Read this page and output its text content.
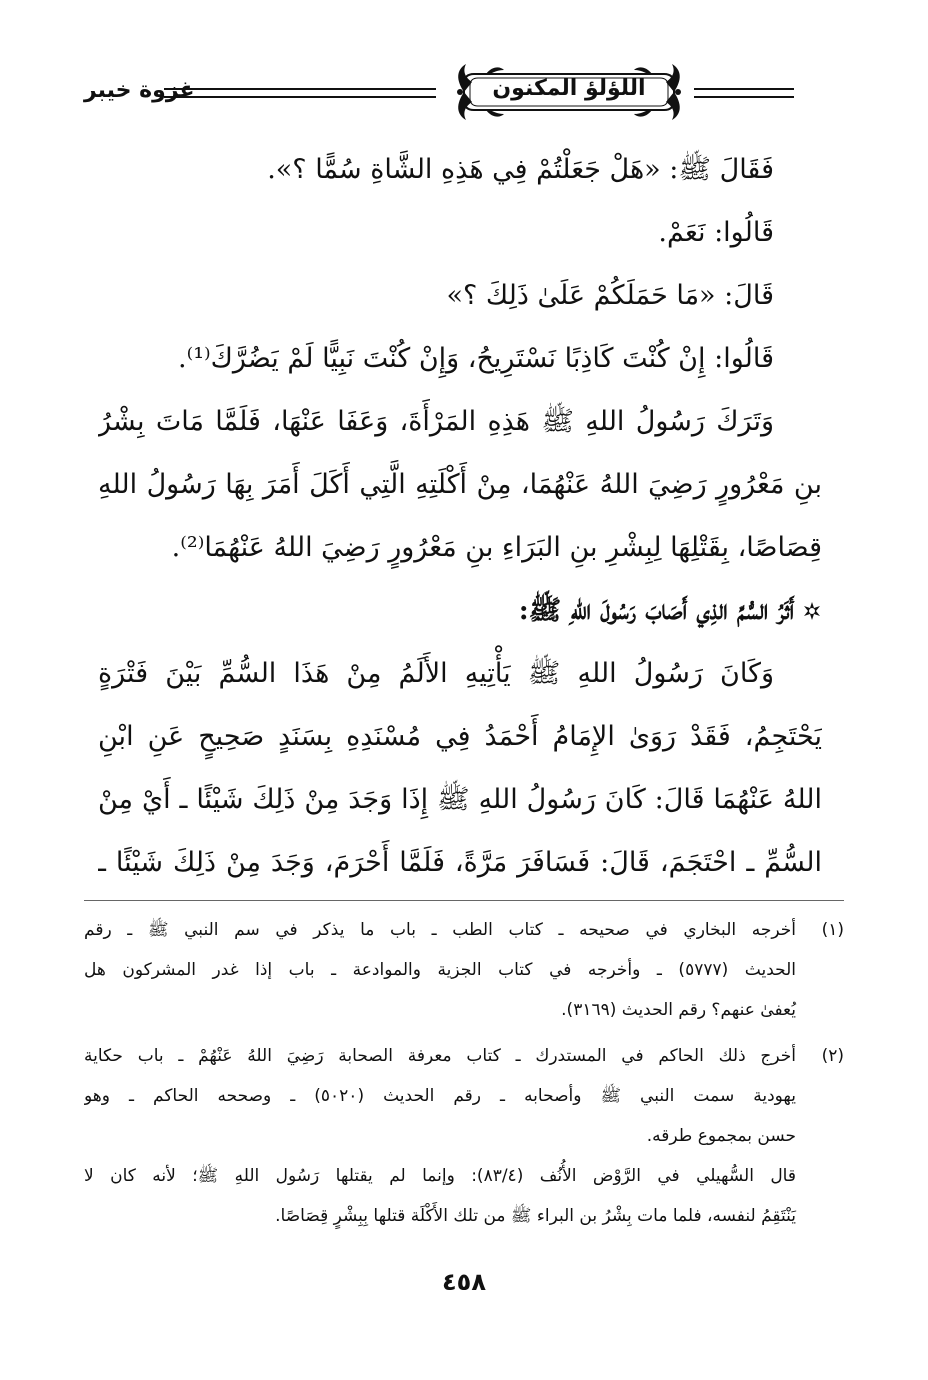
غزوة خيبر	اللؤلؤ المكنون
فَقَالَ ﷺ: «هَلْ جَعَلْتُمْ فِي هَذِهِ الشَّاةِ سُمًّا ؟».
قَالُوا: نَعَمْ.
قَالَ: «مَا حَمَلَكُمْ عَلَىٰ ذَلِكَ ؟»
قَالُوا: إِنْ كُنْتَ كَاذِبًا نَسْتَرِيحُ، وَإِنْ كُنْتَ نَبِيًّا لَمْ يَضُرَّكَ⁽¹⁾.
وَتَرَكَ رَسُولُ اللهِ ﷺ هَذِهِ المَرْأَةَ، وَعَفَا عَنْهَا، فَلَمَّا مَاتَ بِشْرُ
بنِ مَعْرُورٍ رَضِيَ اللهُ عَنْهُمَا، مِنْ أَكْلَتِهِ الَّتِي أَكَلَ أَمَرَ بِهَا رَسُولُ اللهِ
قِصَاصًا، بِقَتْلِهَا لِبِشْرِ بنِ البَرَاءِ بنِ مَعْرُورٍ رَضِيَ اللهُ عَنْهُمَا⁽²⁾.
أَثَرُ السُّمِّ الذِي أَصَابَ رَسُولَ اللهِ ﷺ:
وَكَانَ رَسُولُ اللهِ ﷺ يَأْتِيهِ الأَلَمُ مِنْ هَذَا السُّمِّ بَيْنَ فَتْرَةٍ
يَحْتَجِمُ، فَقَدْ رَوَىٰ الإِمَامُ أَحْمَدُ فِي مُسْنَدِهِ بِسَنَدٍ صَحِيحٍ عَنِ ابْنِ
اللهُ عَنْهُمَا قَالَ: كَانَ رَسُولُ اللهِ ﷺ إِذَا وَجَدَ مِنْ ذَلِكَ شَيْئًا ـ أَيْ مِنْ
السُّمِّ ـ احْتَجَمَ، قَالَ: فَسَافَرَ مَرَّةً، فَلَمَّا أَحْرَمَ، وَجَدَ مِنْ ذَلِكَ شَيْئًا ـ
(١)
أخرجه البخاري في صحيحه ـ كتاب الطب ـ باب ما يذكر في سم النبي ﷺ ـ رقم
الحديث (٥٧٧٧) ـ وأخرجه في كتاب الجزية والموادعة ـ باب إذا غدر المشركون هل
يُعفىٰ عنهم؟ رقم الحديث (٣١٦٩).
(٢)
أخرج ذلك الحاكم في المستدرك ـ كتاب معرفة الصحابة رَضِيَ اللهُ عَنْهُمْ ـ باب حكاية
يهودية سمت النبي ﷺ وأصحابه ـ رقم الحديث (٥٠٢٠) ـ وصححه الحاكم ـ وهو
حسن بمجموع طرقه.
قال السُّهيلي في الرَّوْض الأُنُف (٨٣/٤): وإنما لم يقتلها رَسُول اللهِ ﷺ؛ لأنه كان لا
يَنْتَقِمُ لنفسه، فلما مات بِشْرُ بن البراء ﷺ من تلك الأَكْلَة قتلها بِبِشْرٍ قِصَاصًا.
٤٥٨
